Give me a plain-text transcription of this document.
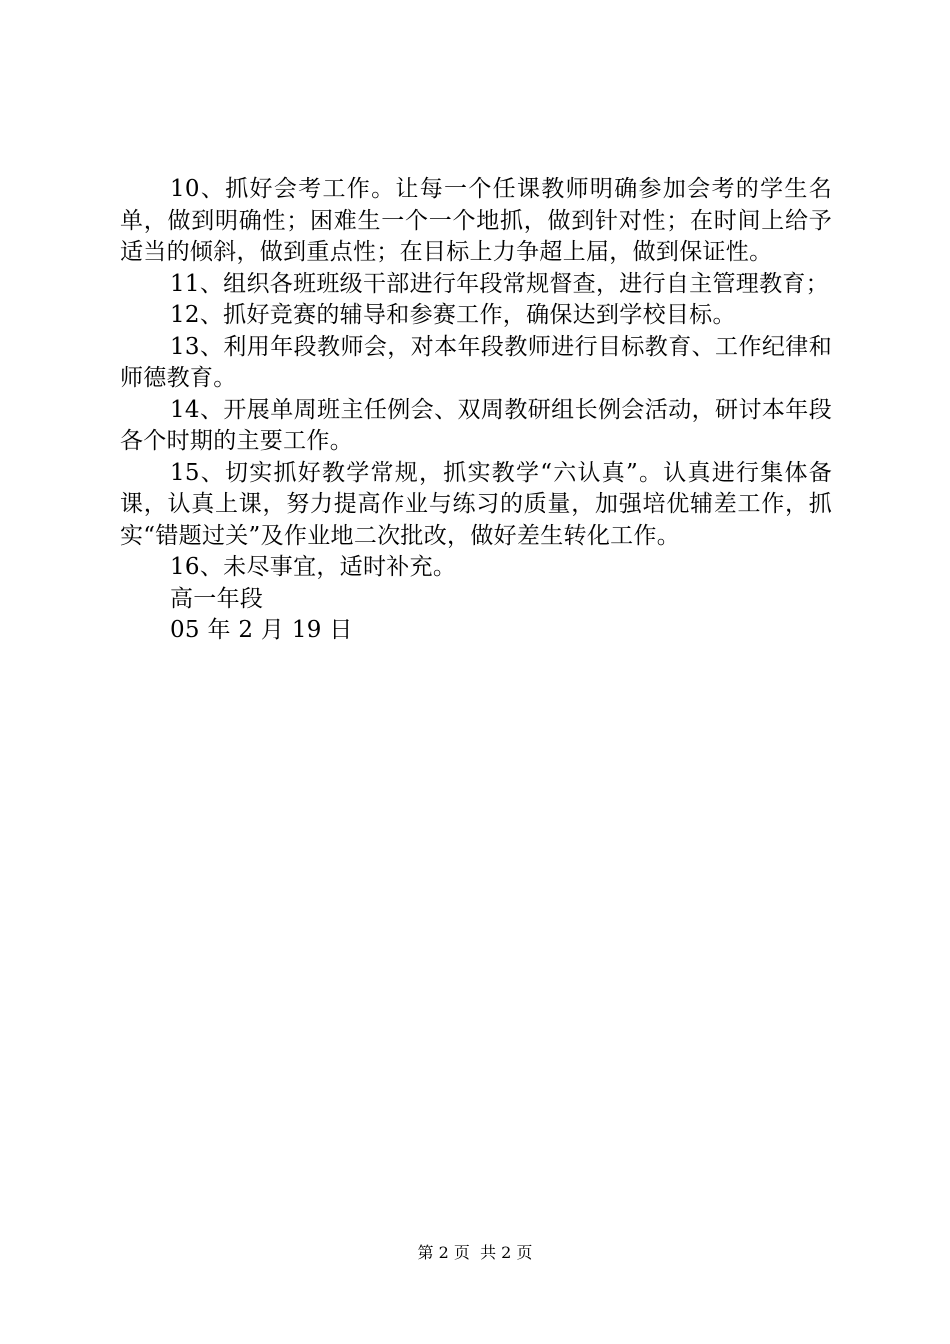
10、抓好会考工作。让每一个任课教师明确参加会考的学生名单，做到明确性；困难生一个一个地抓，做到针对性；在时间上给予适当的倾斜，做到重点性；在目标上力争超上届，做到保证性。

11、组织各班班级干部进行年段常规督查，进行自主管理教育；

12、抓好竞赛的辅导和参赛工作，确保达到学校目标。

13、利用年段教师会，对本年段教师进行目标教育、工作纪律和师德教育。

14、开展单周班主任例会、双周教研组长例会活动，研讨本年段各个时期的主要工作。

15、切实抓好教学常规，抓实教学“六认真”。认真进行集体备课，认真上课，努力提高作业与练习的质量，加强培优辅差工作，抓实“错题过关”及作业地二次批改，做好差生转化工作。

16、未尽事宜，适时补充。

高一年段

05 年 2 月 19 日

第 2 页  共 2 页
